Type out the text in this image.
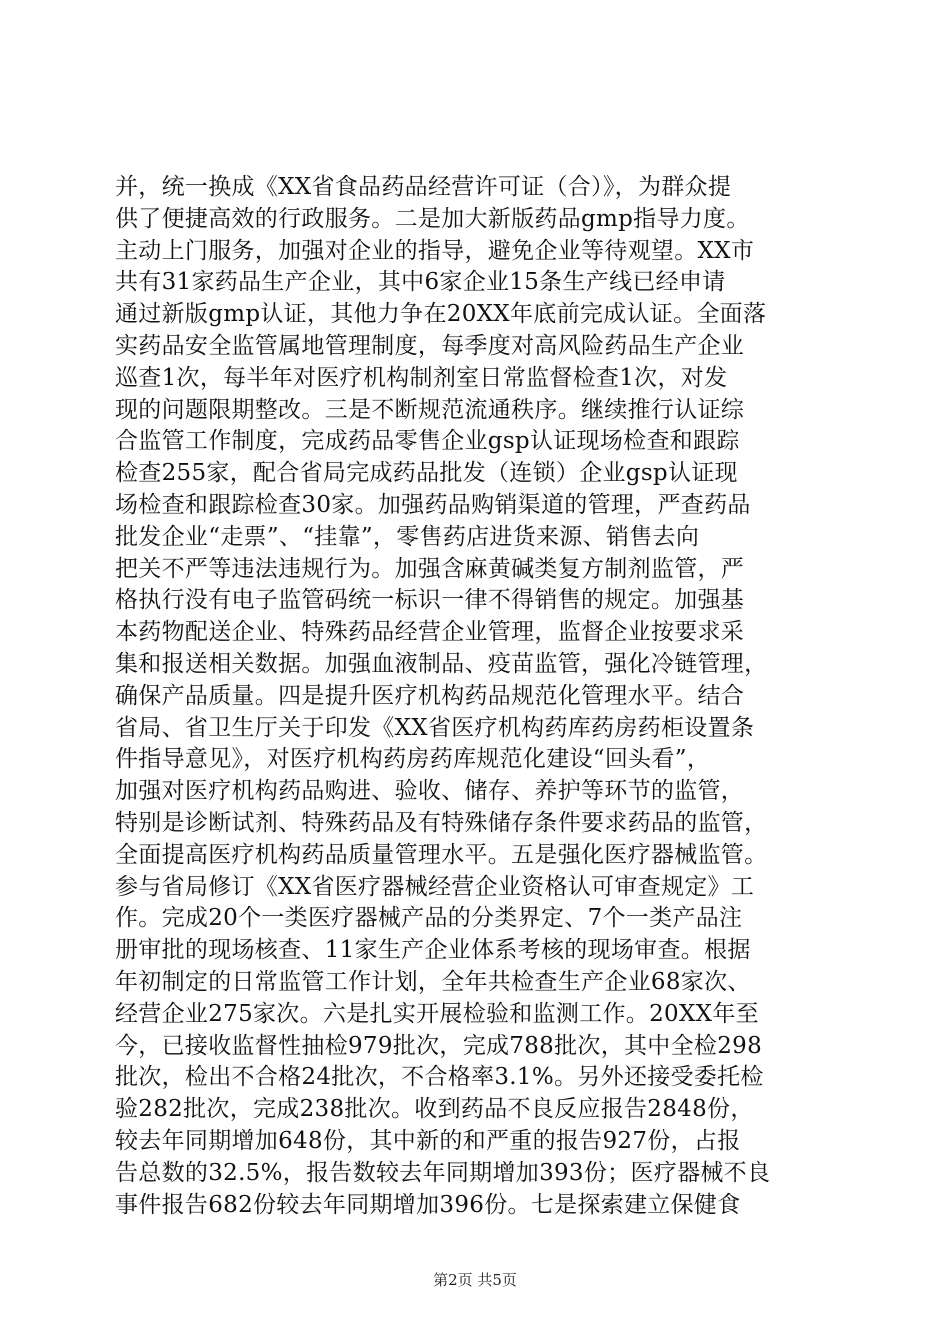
并，统一换成《XX省食品药品经营许可证（合）》，为群众提
供了便捷高效的行政服务。二是加大新版药品gmp指导力度。
主动上门服务，加强对企业的指导，避免企业等待观望。XX市
共有31家药品生产企业，其中6家企业15条生产线已经申请
通过新版gmp认证，其他力争在20XX年底前完成认证。全面落
实药品安全监管属地管理制度，每季度对高风险药品生产企业
巡查1次，每半年对医疗机构制剂室日常监督检查1次，对发
现的问题限期整改。三是不断规范流通秩序。继续推行认证综
合监管工作制度，完成药品零售企业gsp认证现场检查和跟踪
检查255家，配合省局完成药品批发（连锁）企业gsp认证现
场检查和跟踪检查30家。加强药品购销渠道的管理，严查药品
批发企业“走票”、“挂靠”，零售药店进货来源、销售去向
把关不严等违法违规行为。加强含麻黄碱类复方制剂监管，严
格执行没有电子监管码统一标识一律不得销售的规定。加强基
本药物配送企业、特殊药品经营企业管理，监督企业按要求采
集和报送相关数据。加强血液制品、疫苗监管，强化冷链管理，
确保产品质量。四是提升医疗机构药品规范化管理水平。结合
省局、省卫生厅关于印发《XX省医疗机构药库药房药柜设置条
件指导意见》，对医疗机构药房药库规范化建设“回头看”，
加强对医疗机构药品购进、验收、储存、养护等环节的监管，
特别是诊断试剂、特殊药品及有特殊储存条件要求药品的监管，
全面提高医疗机构药品质量管理水平。五是强化医疗器械监管。
参与省局修订《XX省医疗器械经营企业资格认可审查规定》工
作。完成20个一类医疗器械产品的分类界定、7个一类产品注
册审批的现场核查、11家生产企业体系考核的现场审查。根据
年初制定的日常监管工作计划，全年共检查生产企业68家次、
经营企业275家次。六是扎实开展检验和监测工作。20XX年至
今，已接收监督性抽检979批次，完成788批次，其中全检298
批次，检出不合格24批次，不合格率3.1%。另外还接受委托检
验282批次，完成238批次。收到药品不良反应报告2848份，
较去年同期增加648份，其中新的和严重的报告927份，占报
告总数的32.5%，报告数较去年同期增加393份；医疗器械不良
事件报告682份较去年同期增加396份。七是探索建立保健食
第2页 共5页
